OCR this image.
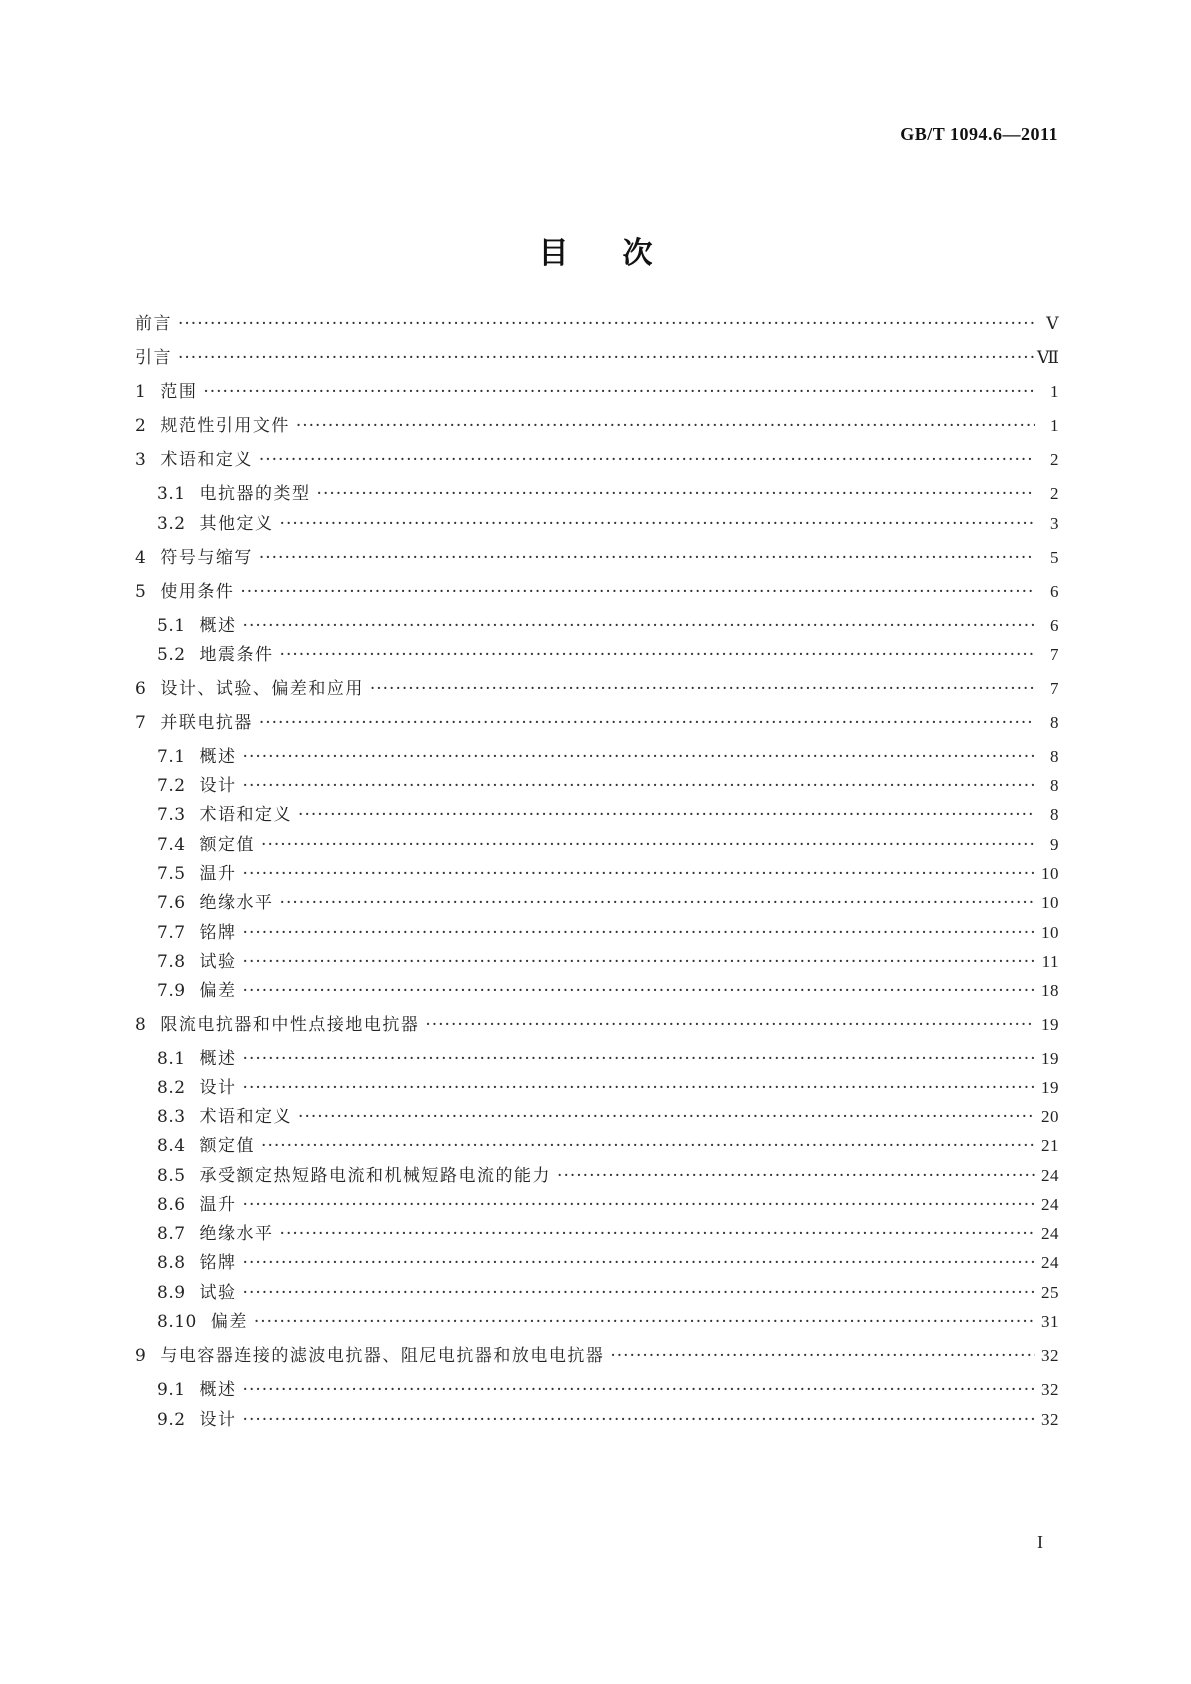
GB/T 1094.6—2011
目次
前言 ·····	Ⅴ
引言 ·····	Ⅶ
1 范围 ·····	1
2 规范性引用文件 ·····	1
3 术语和定义 ·····	2
3.1 电抗器的类型 ·····	2
3.2 其他定义 ·····	3
4 符号与缩写 ·····	5
5 使用条件 ·····	6
5.1 概述 ·····	6
5.2 地震条件 ·····	7
6 设计、试验、偏差和应用 ·····	7
7 并联电抗器 ·····	8
7.1 概述 ·····	8
7.2 设计 ·····	8
7.3 术语和定义 ·····	8
7.4 额定值 ·····	9
7.5 温升 ·····	10
7.6 绝缘水平 ·····	10
7.7 铭牌 ·····	10
7.8 试验 ·····	11
7.9 偏差 ·····	18
8 限流电抗器和中性点接地电抗器 ·····	19
8.1 概述 ·····	19
8.2 设计 ·····	19
8.3 术语和定义 ·····	20
8.4 额定值 ·····	21
8.5 承受额定热短路电流和机械短路电流的能力 ·····	24
8.6 温升 ·····	24
8.7 绝缘水平 ·····	24
8.8 铭牌 ·····	24
8.9 试验 ·····	25
8.10 偏差 ·····	31
9 与电容器连接的滤波电抗器、阻尼电抗器和放电电抗器 ·····	32
9.1 概述 ·····	32
9.2 设计 ·····	32
I
